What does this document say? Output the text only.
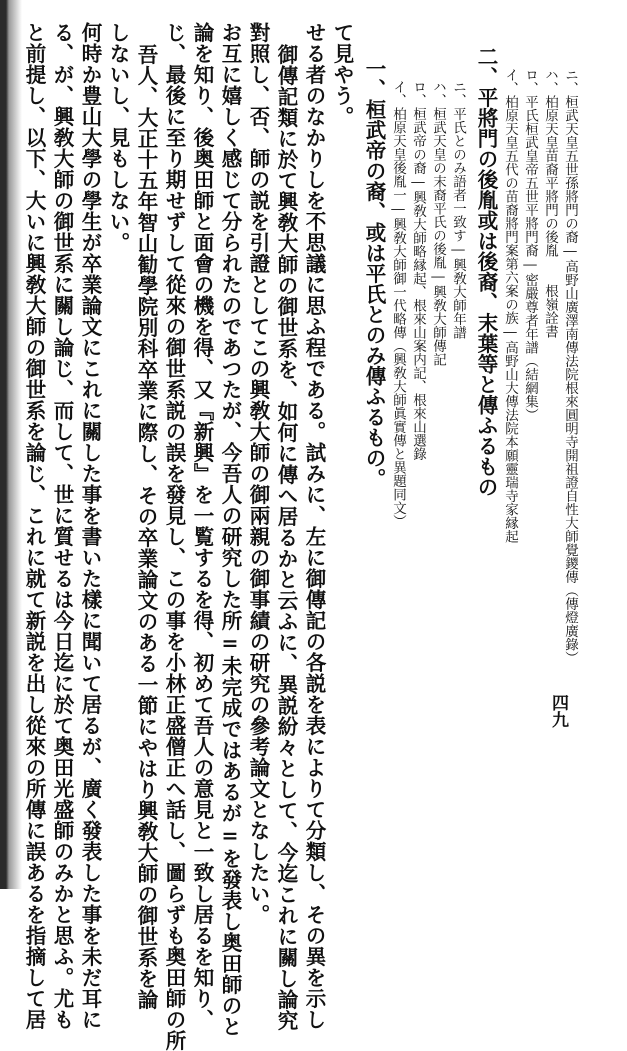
と前提し、以下、大いに興敎大師の御世系を論じ、これに就て新説を出し從來の所傳に誤あるを指摘して居 る、が、興敎大師の御世系に關し論じ、而して、世に質せるは今日迄に於て奥田光盛師のみかと思ふ。尤も 何時か豊山大學の學生が卒業論文にこれに關した事を書いた樣に聞いて居るが、廣く發表した事を未だ耳に しないし、見もしない。 吾人、大正十五年智山勧學院別科卒業に際し、その卒業論文のある一節にやはり興敎大師の御世系を論 じ、最後に至り期せずして從來の御世系説の誤を發見し、この事を小林正盛僧正へ話し、圖らずも奥田師の所 論を知り、後奥田師と面會の機を得、又『新興』を一覧するを得、初めて吾人の意見と一致し居るを知り、 お互に嬉しく感じて分られたのであつたが、今吾人の研究した所=未完成ではあるが=を發表し奥田師のと 對照し、否、師の説を引證としてこの興敎大師の御兩親の御事績の研究の參考論文となしたい。 御傳記類に於て興敎大師の御世系を、如何に傳へ居るかと云ふに、異説紛々として、今迄これに關し論究 せる者のなかりしを不思議に思ふ程である。試みに、左に御傳記の各説を表によりて分類し、その異を示し て見やう。 一、桓武帝の裔、或は平氏とのみ傳ふるもの。 イ、柏原天皇後胤一―興敎大師御一代略傳（興敎大師眞實傳と異題同文） ロ、桓武帝の裔―興敎大師略縁起、根來山案内記、根來山選錄 ハ、桓武天皇の末裔平氏の後胤―興敎大師傳記 ニ、平氏とのみ語者一致す―興敎大師年譜 二、平將門の後胤或は後裔、末葉等と傳ふるもの イ、柏原天皇五代の苗裔將門案第六案の族―高野山大傳法院本願靈瑞寺家縁起 ロ、平氏桓武皇帝五世平將門裔―密嚴尊者年譜（結網集） ハ、柏原天皇苗裔平將門の後胤　　根嶺詮書 ニ、桓武天皇五世孫將門の裔―高野山廣澤南傳法院根來圓明寺開祖證自性大師覺鑁傳（傳燈廣錄）
四九
